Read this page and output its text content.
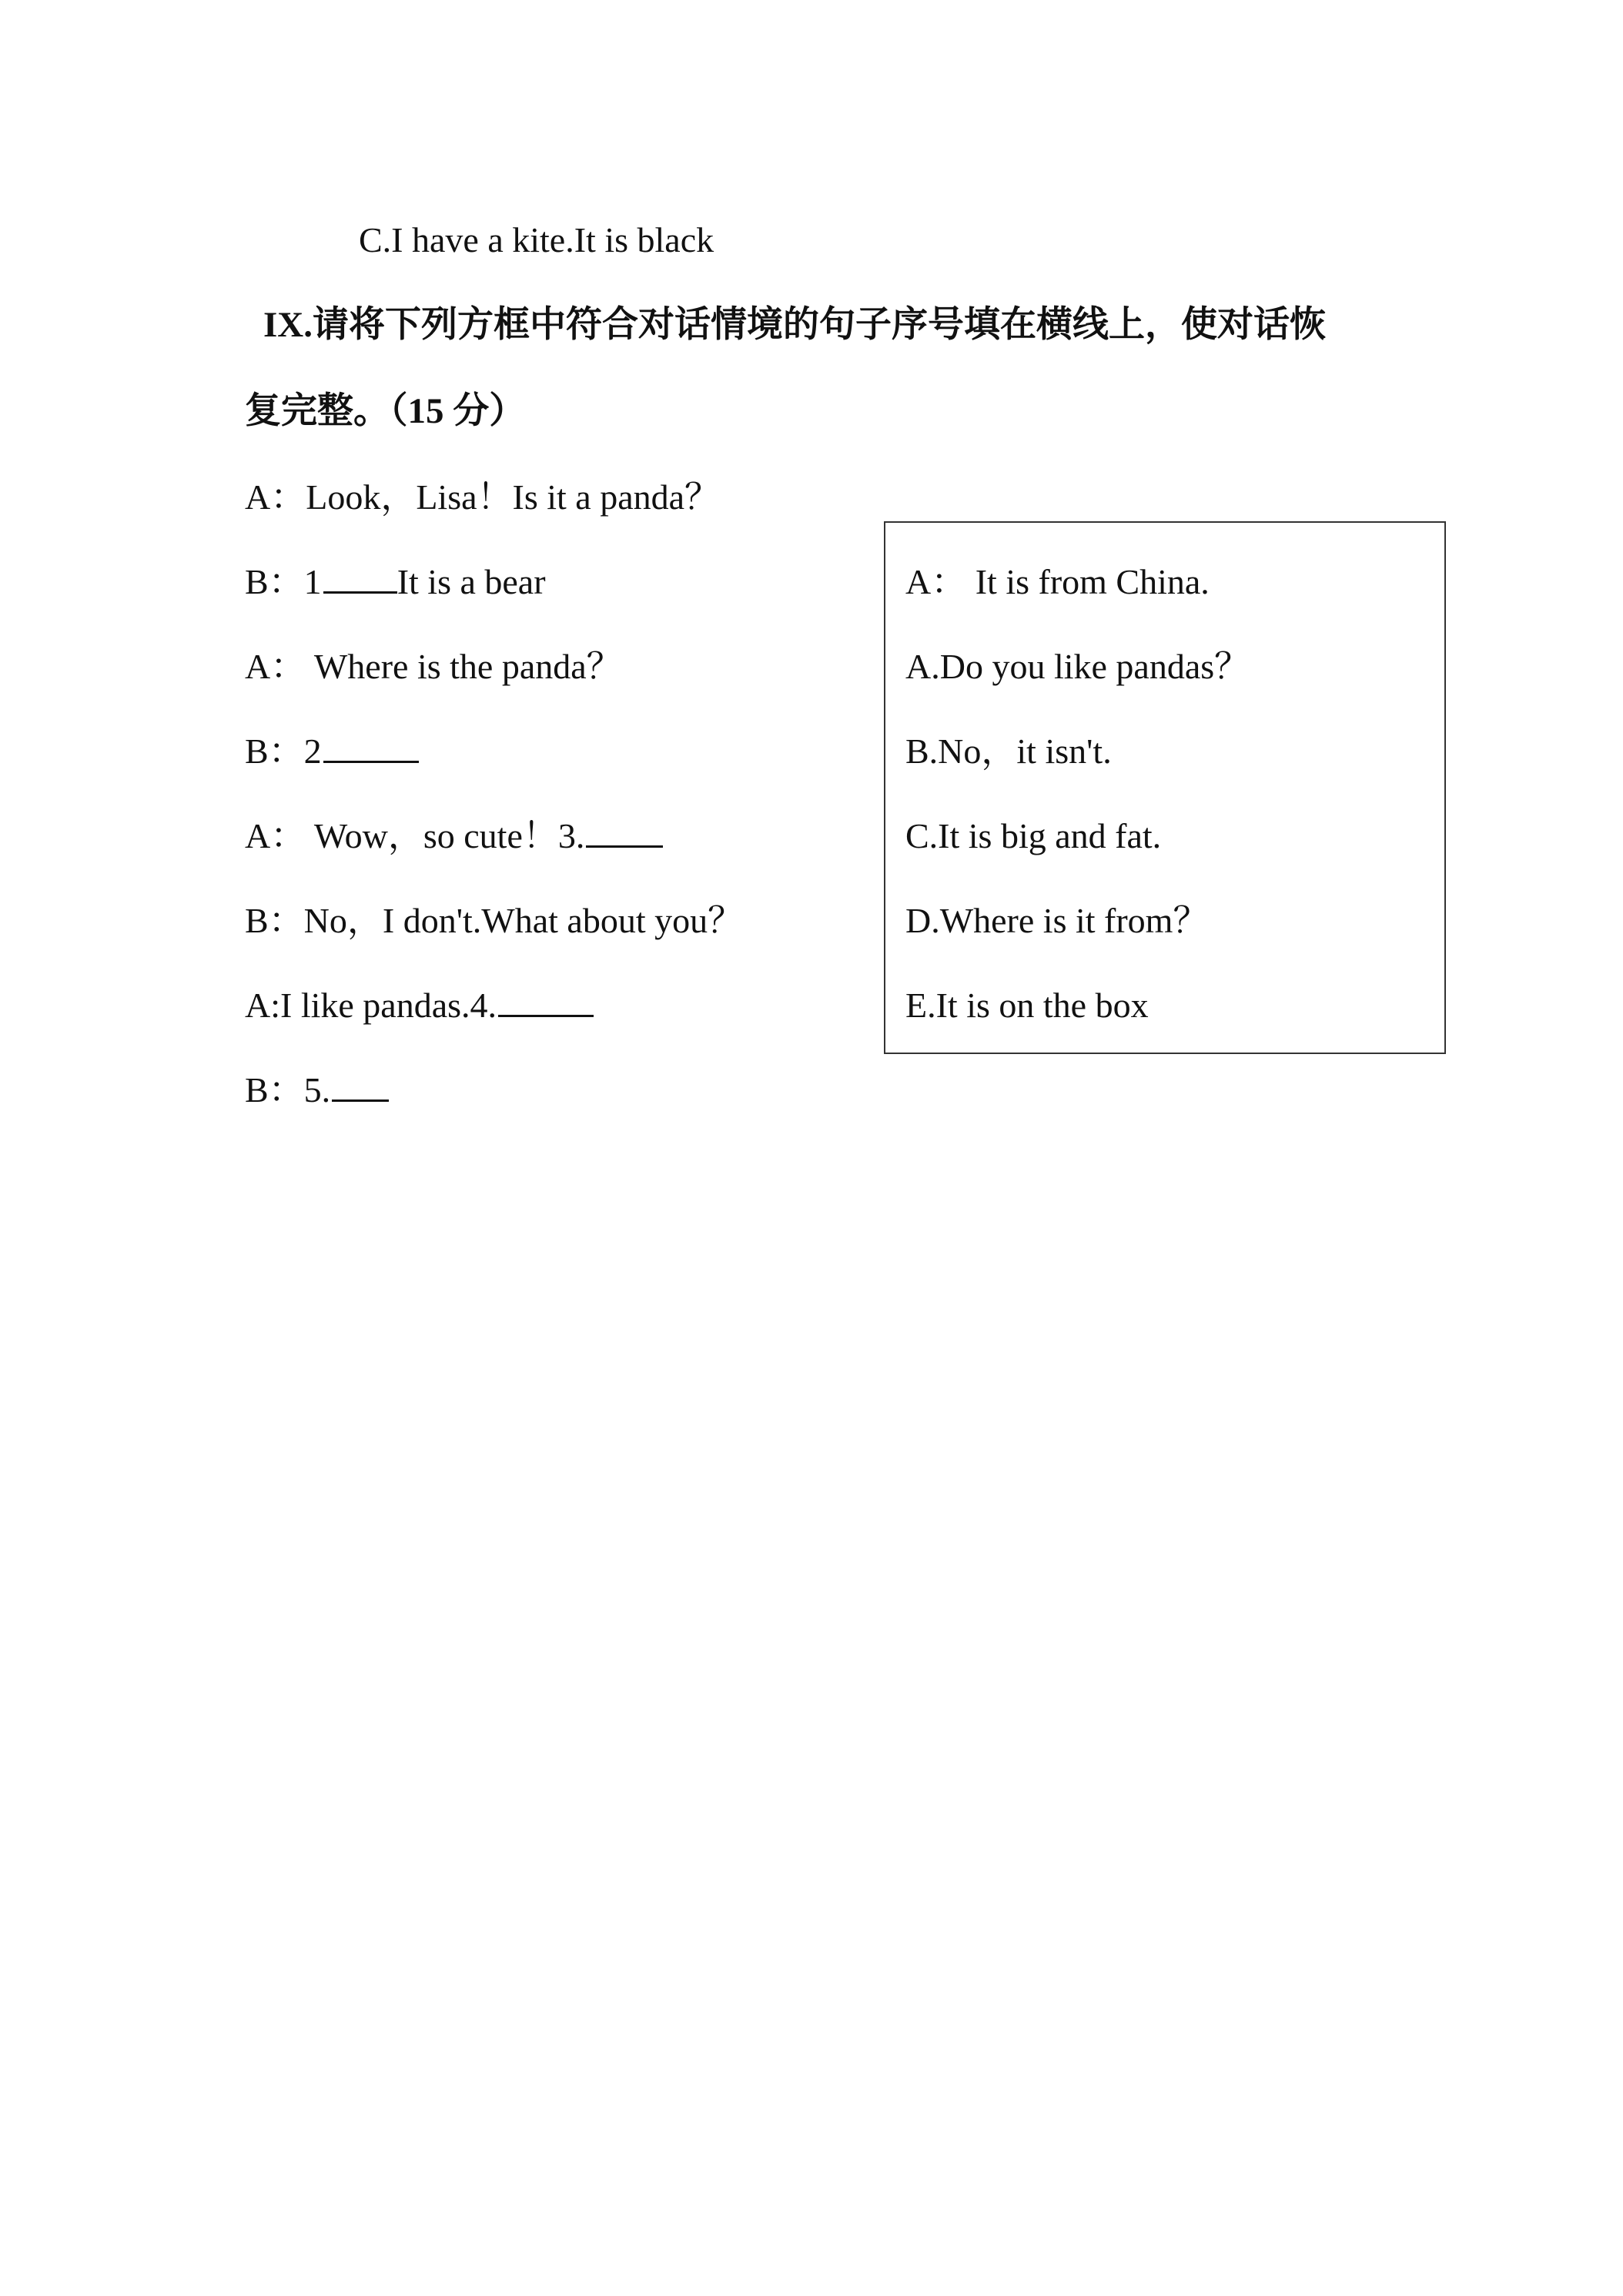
C.I have a kite.It is black
IX.请将下列方框中符合对话情境的句子序号填在横线上，使对话恢
复完整。（15 分）
A：Look，Lisa！Is it a panda？
B：1 It is a bear
A： Where is the panda？
B：2
A： Wow，so cute！3.
B：No，I don't.What about you？
A:I like pandas.4.
B：5.
A： It is from China.
A.Do you like pandas？
B.No，it isn't.
C.It is big and fat.
D.Where is it from？
E.It is on the box
